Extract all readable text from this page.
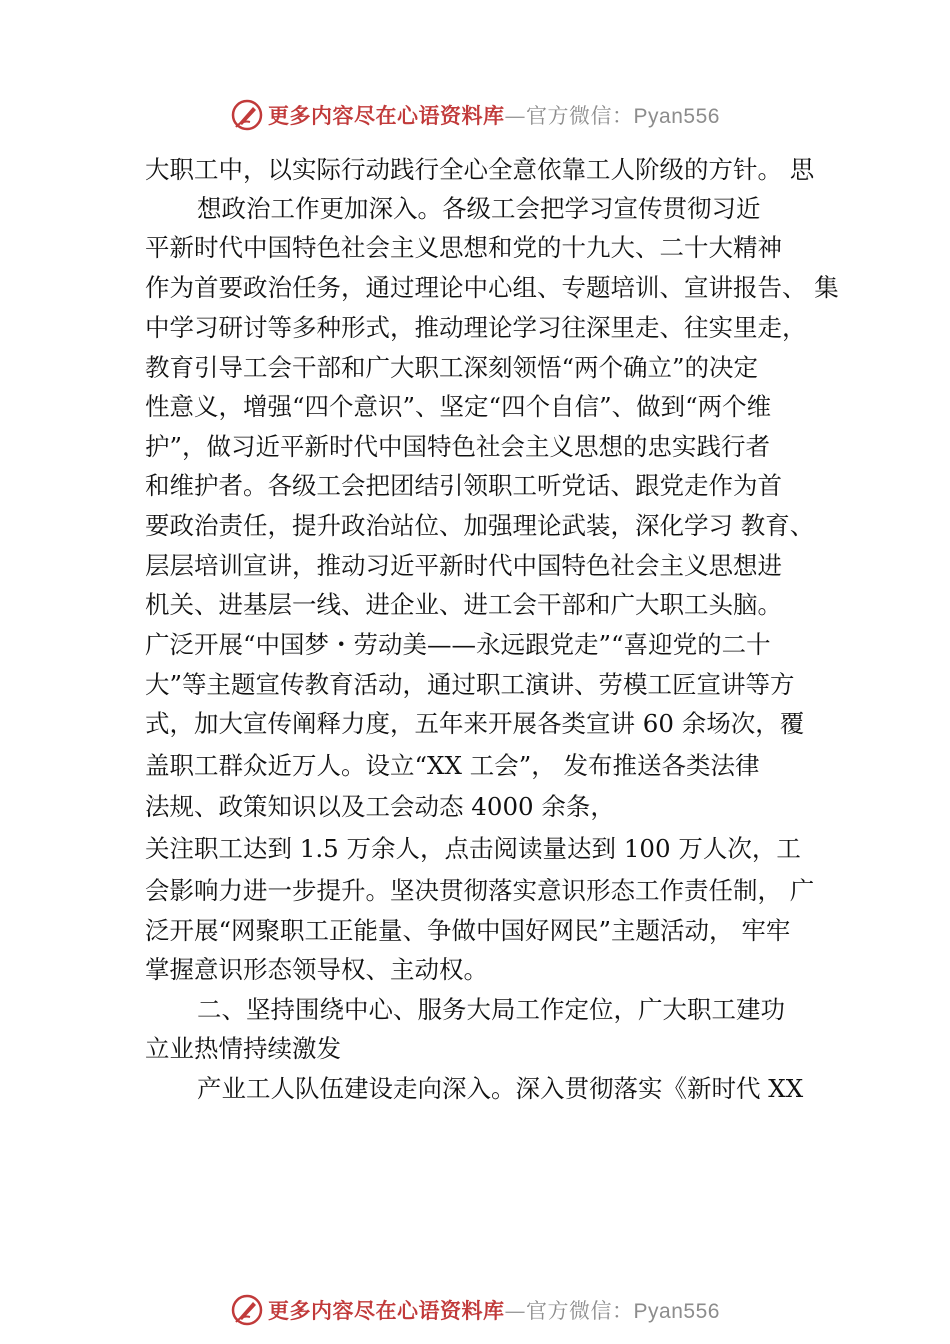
更多内容尽在心语资料库—官方微信：Pyan556
大职工中，以实际行动践行全心全意依靠工人阶级的方针。 思
想政治工作更加深入。各级工会把学习宣传贯彻习近
平新时代中国特色社会主义思想和党的十九大、二十大精神
作为首要政治任务，通过理论中心组、专题培训、宣讲报告、 集
中学习研讨等多种形式，推动理论学习往深里走、往实里走，
教育引导工会干部和广大职工深刻领悟“两个确立”的决定
性意义，增强“四个意识”、坚定“四个自信”、做到“两个维
护”，做习近平新时代中国特色社会主义思想的忠实践行者
和维护者。各级工会把团结引领职工听党话、跟党走作为首
要政治责任，提升政治站位、加强理论武装，深化学习 教育、
层层培训宣讲，推动习近平新时代中国特色社会主义思想进
机关、进基层一线、进企业、进工会干部和广大职工头脑。
广泛开展“中国梦・劳动美——永远跟党走”“喜迎党的二十
大”等主题宣传教育活动，通过职工演讲、劳模工匠宣讲等方
式，加大宣传阐释力度，五年来开展各类宣讲 60 余场次，覆
盖职工群众近万人。设立“XX 工会”， 发布推送各类法律
法规、政策知识以及工会动态 4000 余条，
关注职工达到 1.5 万余人，点击阅读量达到 100 万人次，工
会影响力进一步提升。坚决贯彻落实意识形态工作责任制， 广
泛开展“网聚职工正能量、争做中国好网民”主题活动， 牢牢
掌握意识形态领导权、主动权。
二、坚持围绕中心、服务大局工作定位，广大职工建功
立业热情持续激发
产业工人队伍建设走向深入。深入贯彻落实《新时代 XX
更多内容尽在心语资料库—官方微信：Pyan556
